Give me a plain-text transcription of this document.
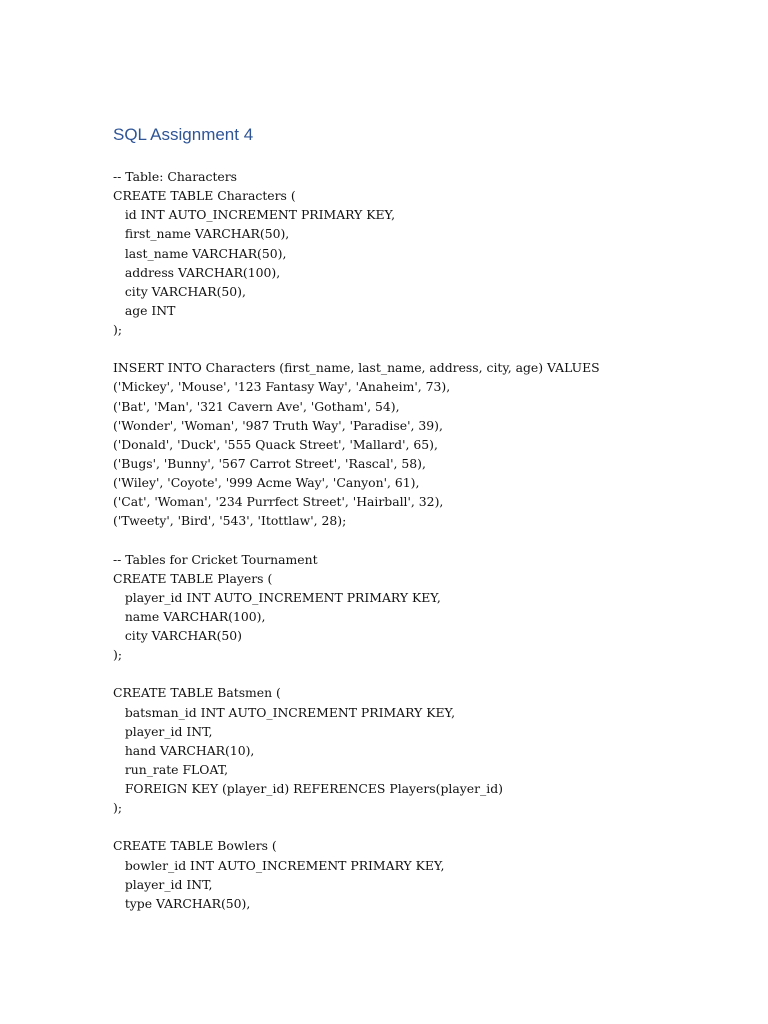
SQL Assignment 4
-- Table: Characters
CREATE TABLE Characters (
id INT AUTO_INCREMENT PRIMARY KEY,
first_name VARCHAR(50),
last_name VARCHAR(50),
address VARCHAR(100),
city VARCHAR(50),
age INT
);
INSERT INTO Characters (first_name, last_name, address, city, age) VALUES
('Mickey', 'Mouse', '123 Fantasy Way', 'Anaheim', 73),
('Bat', 'Man', '321 Cavern Ave', 'Gotham', 54),
('Wonder', 'Woman', '987 Truth Way', 'Paradise', 39),
('Donald', 'Duck', '555 Quack Street', 'Mallard', 65),
('Bugs', 'Bunny', '567 Carrot Street', 'Rascal', 58),
('Wiley', 'Coyote', '999 Acme Way', 'Canyon', 61),
('Cat', 'Woman', '234 Purrfect Street', 'Hairball', 32),
('Tweety', 'Bird', '543', 'Itottlaw', 28);
-- Tables for Cricket Tournament
CREATE TABLE Players (
player_id INT AUTO_INCREMENT PRIMARY KEY,
name VARCHAR(100),
city VARCHAR(50)
);
CREATE TABLE Batsmen (
batsman_id INT AUTO_INCREMENT PRIMARY KEY,
player_id INT,
hand VARCHAR(10),
run_rate FLOAT,
FOREIGN KEY (player_id) REFERENCES Players(player_id)
);
CREATE TABLE Bowlers (
bowler_id INT AUTO_INCREMENT PRIMARY KEY,
player_id INT,
type VARCHAR(50),
